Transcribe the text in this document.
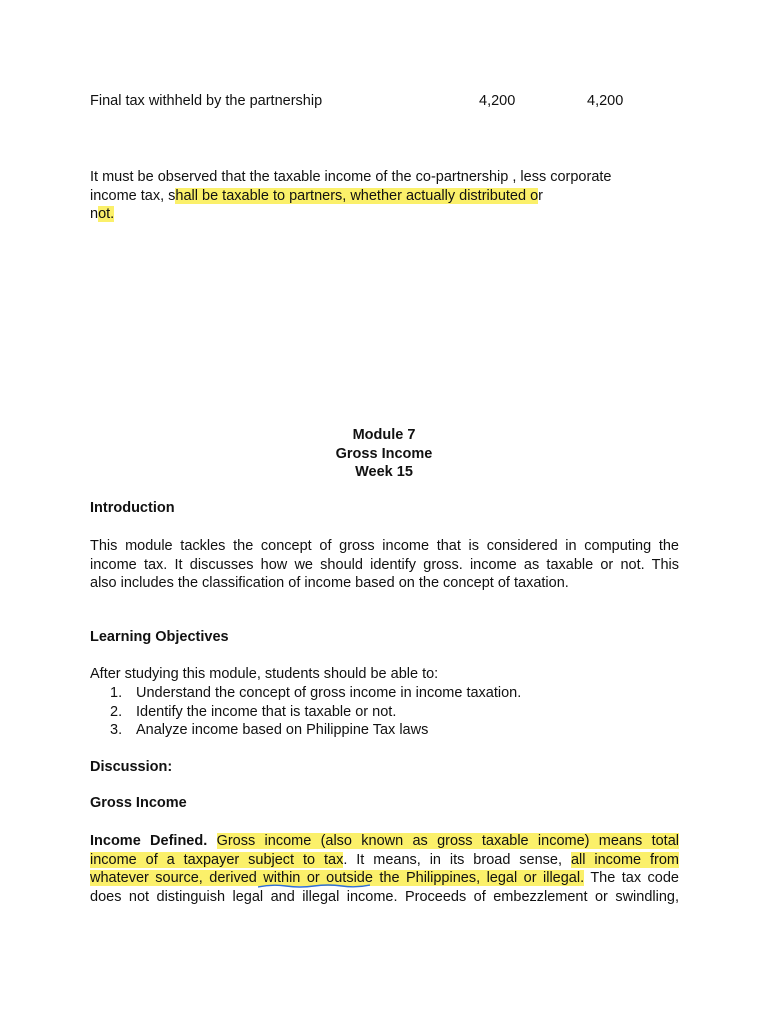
Final tax withheld by the partnership	4,200	4,200
It must be observed that the taxable income of the co-partnership , less corporate
income tax, shall be taxable to partners, whether actually distributed or
not.
Module 7
Gross Income
Week 15
Introduction
This module tackles the concept of gross income that is considered in computing the
income tax. It discusses how we should identify gross. income as taxable or not. This
also includes the classification of income based on the concept of taxation.
Learning Objectives
After studying this module, students should be able to:
1. Understand the concept of gross income in income taxation.
2. Identify the income that is taxable or not.
3. Analyze income based on Philippine Tax laws
Discussion:
Gross Income
Income Defined. Gross income (also known as gross taxable income) means total
income of a taxpayer subject to tax. It means, in its broad sense, all income from
whatever source, derived within or outside the Philippines, legal or illegal. The tax code
does not distinguish legal and illegal income. Proceeds of embezzlement or swindling,
